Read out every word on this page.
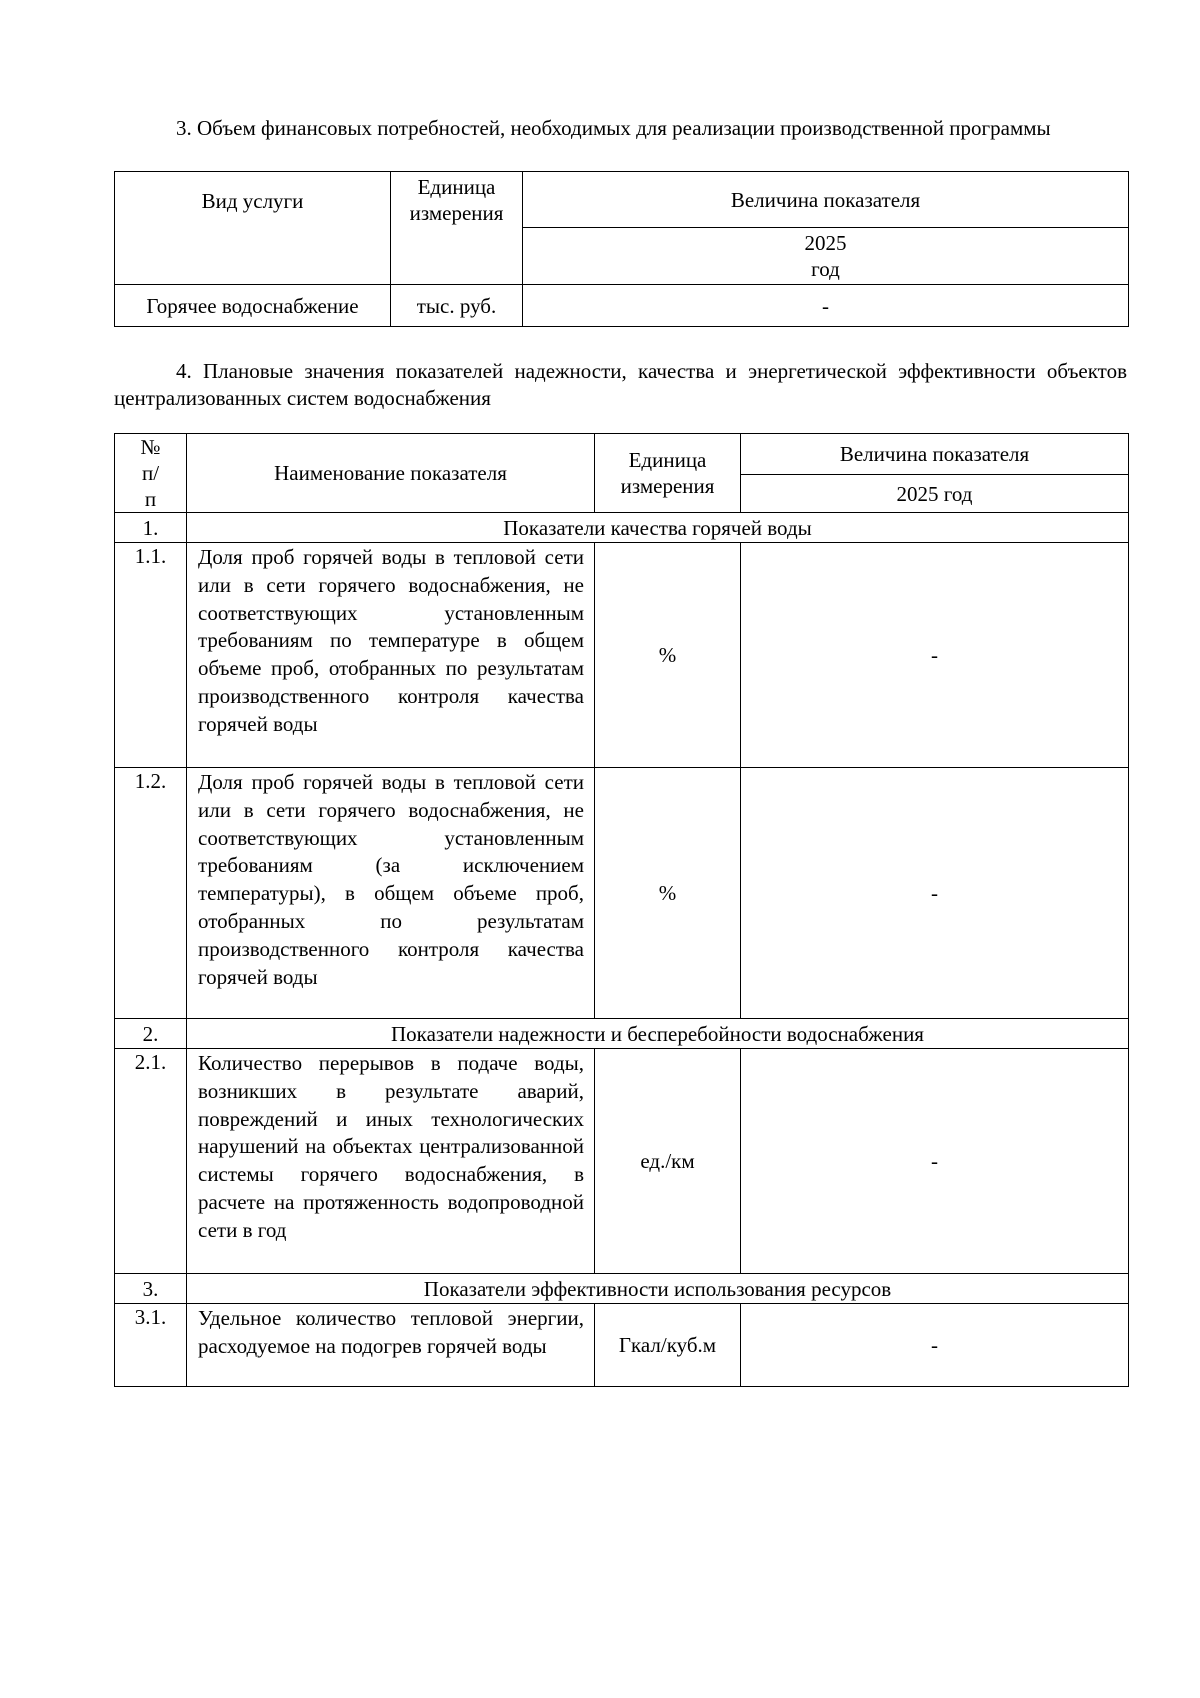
3. Объем финансовых потребностей, необходимых для реализации производственной программы
Вид услуги	Единица измерения	Величина показателя
		2025 год
Горячее водоснабжение	тыс. руб.	-
4. Плановые значения показателей надежности, качества и энергетической эффективности объектов централизованных систем водоснабжения
№ п/п	Наименование показателя	Единица измерения	Величина показателя
			2025 год
1.	Показатели качества горячей воды		
1.1.	Доля проб горячей воды в тепловой сети или в сети горячего водоснабжения, не соответствующих установленным требованиям по температуре в общем объеме проб, отобранных по результатам производственного контроля качества горячей воды	%	-
1.2.	Доля проб горячей воды в тепловой сети или в сети горячего водоснабжения, не соответствующих установленным требованиям (за исключением температуры), в общем объеме проб, отобранных по результатам производственного контроля качества горячей воды	%	-
2.	Показатели надежности и бесперебойности водоснабжения		
2.1.	Количество перерывов в подаче воды, возникших в результате аварий, повреждений и иных технологических нарушений на объектах централизованной системы горячего водоснабжения, в расчете на протяженность водопроводной сети в год	ед./км	-
3.	Показатели эффективности использования ресурсов		
3.1.	Удельное количество тепловой энергии, расходуемое на подогрев горячей воды	Гкал/куб.м	-
